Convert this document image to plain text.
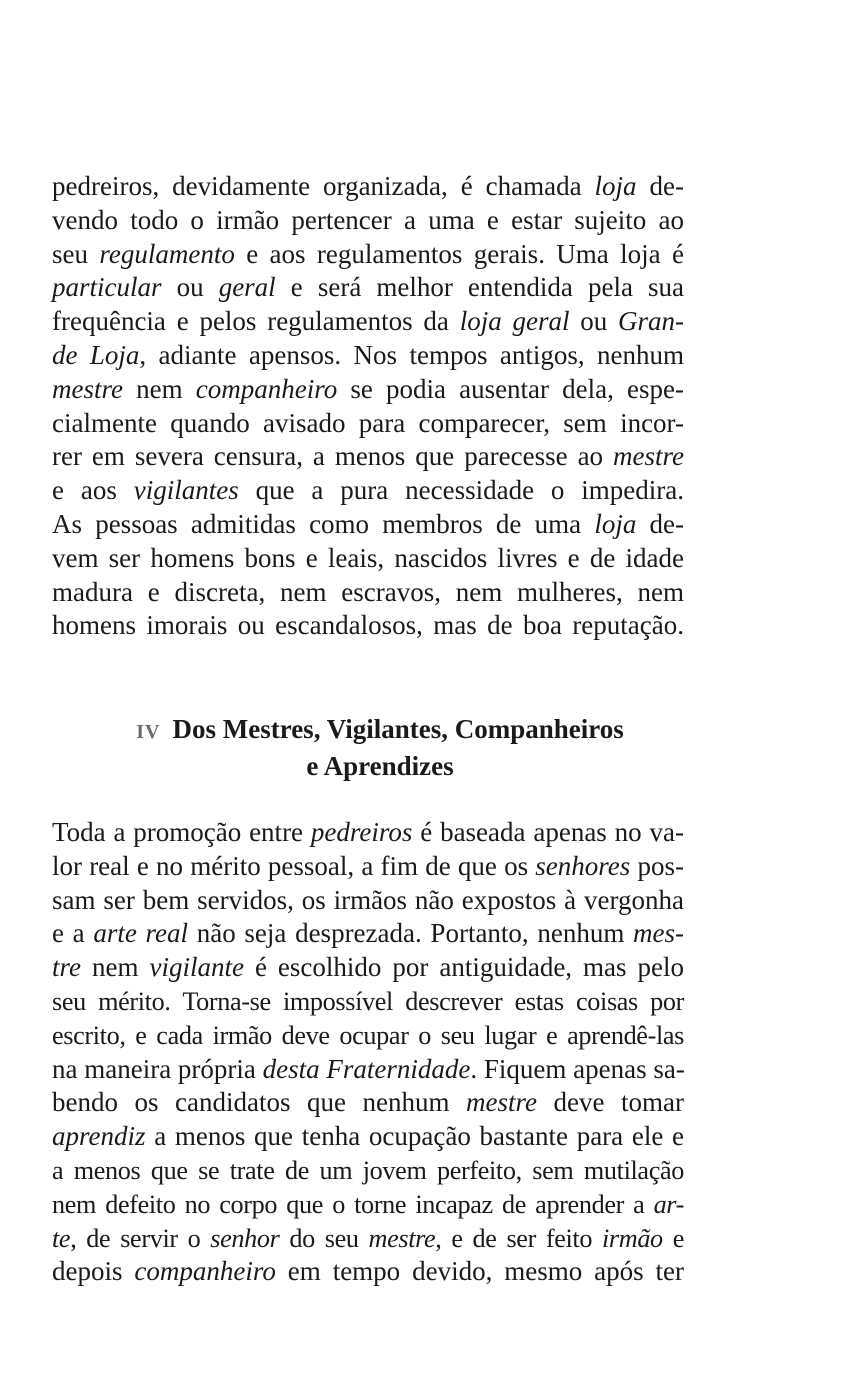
pedreiros, devidamente organizada, é chamada loja de-
vendo todo o irmão pertencer a uma e estar sujeito ao
seu regulamento e aos regulamentos gerais. Uma loja é
particular ou geral e será melhor entendida pela sua
frequência e pelos regulamentos da loja geral ou Gran-
de Loja, adiante apensos. Nos tempos antigos, nenhum
mestre nem companheiro se podia ausentar dela, espe-
cialmente quando avisado para comparecer, sem incor-
rer em severa censura, a menos que parecesse ao mestre
e aos vigilantes que a pura necessidade o impedira.
As pessoas admitidas como membros de uma loja de-
vem ser homens bons e leais, nascidos livres e de idade
madura e discreta, nem escravos, nem mulheres, nem
homens imorais ou escandalosos, mas de boa reputação.
IV Dos Mestres, Vigilantes, Companheiros
e Aprendizes
Toda a promoção entre pedreiros é baseada apenas no va-
lor real e no mérito pessoal, a fim de que os senhores pos-
sam ser bem servidos, os irmãos não expostos à vergonha
e a arte real não seja desprezada. Portanto, nenhum mes-
tre nem vigilante é escolhido por antiguidade, mas pelo
seu mérito. Torna-se impossível descrever estas coisas por
escrito, e cada irmão deve ocupar o seu lugar e aprendê-las
na maneira própria desta Fraternidade. Fiquem apenas sa-
bendo os candidatos que nenhum mestre deve tomar
aprendiz a menos que tenha ocupação bastante para ele e
a menos que se trate de um jovem perfeito, sem mutilação
nem defeito no corpo que o torne incapaz de aprender a ar-
te, de servir o senhor do seu mestre, e de ser feito irmão e
depois companheiro em tempo devido, mesmo após ter
